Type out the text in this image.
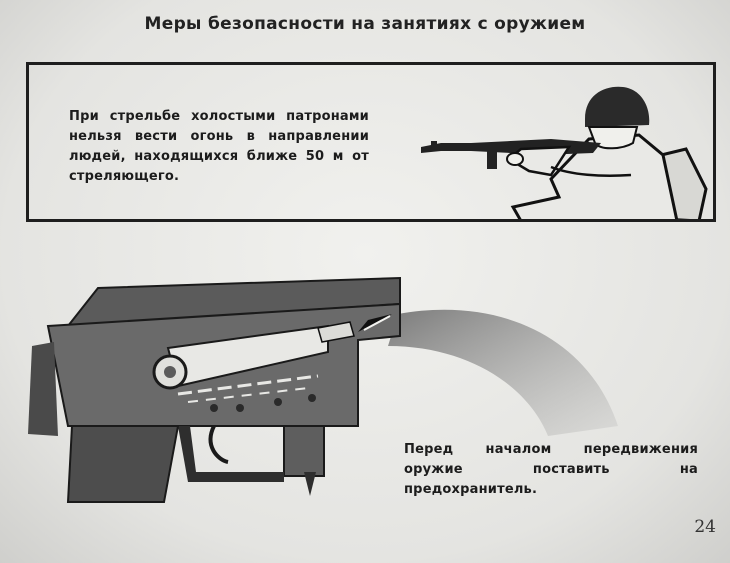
Меры безопасности на занятиях с оружием
При стрельбе холостыми патронами нельзя вести огонь в направлении людей, находящихся ближе 50 м от стреляющего.
Перед началом передвижения оружие поставить на предохранитель.
24
